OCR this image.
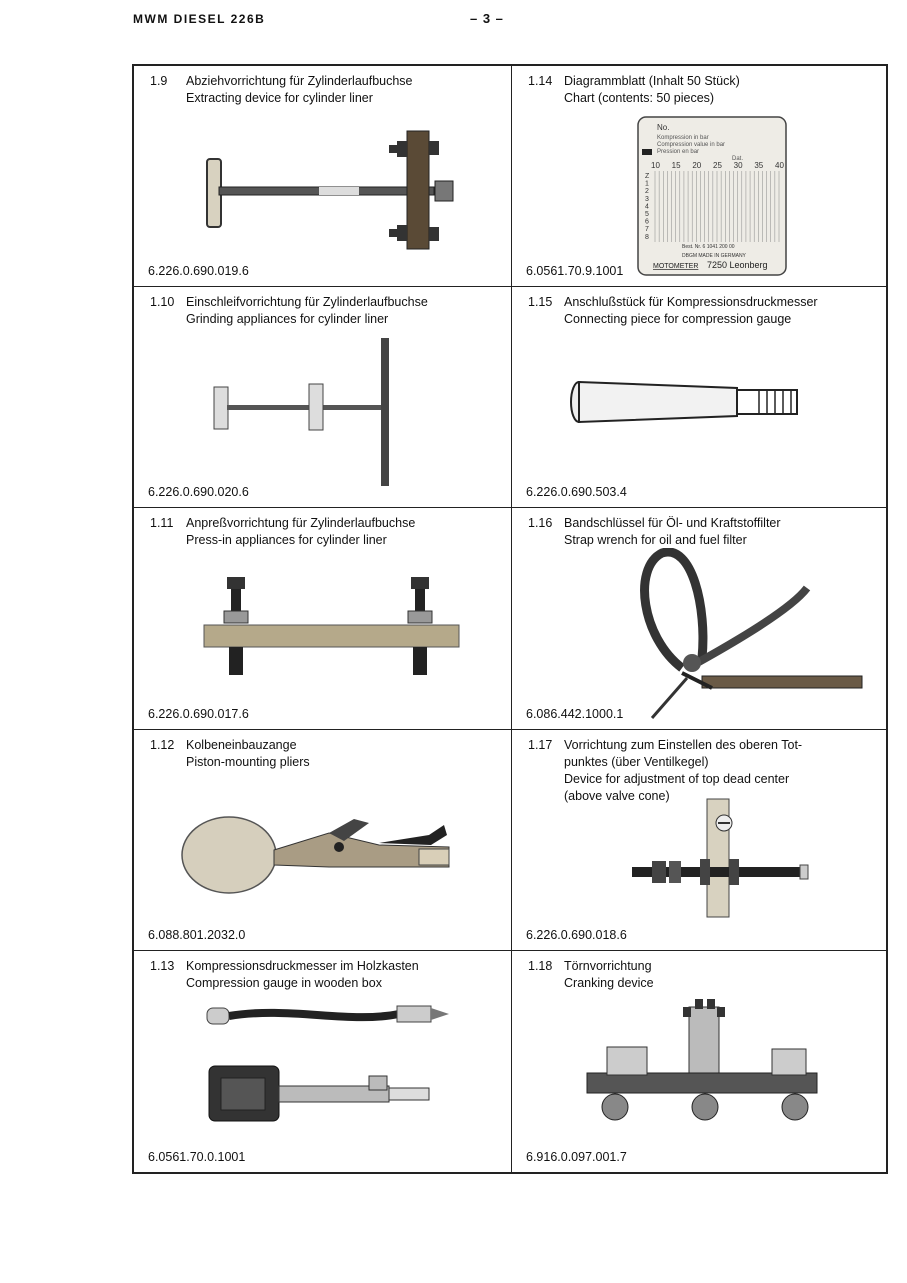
MWM DIESEL 226B	– 3 –
1.9 Abziehvorrichtung für Zylinderlaufbuchse
Extracting device for cylinder liner
6.226.0.690.019.6
1.14 Diagrammblatt (Inhalt 50 Stück)
Chart (contents: 50 pieces)
No.
Kompression in bar
Compression value in bar
Pression en bar
Dat.
10 15 20 25 30 35 40
Z
1
2
3
4
5
6
7
8
Best. Nr. 6 1041 200 00
DBGM MADE IN GERMANY
MOTOMETER 7250 Leonberg
6.0561.70.9.1001
1.10 Einschleifvorrichtung für Zylinderlaufbuchse
Grinding appliances for cylinder liner
6.226.0.690.020.6
1.15 Anschlußstück für Kompressionsdruckmesser
Connecting piece for compression gauge
6.226.0.690.503.4
1.11 Anpreßvorrichtung für Zylinderlaufbuchse
Press-in appliances for cylinder liner
6.226.0.690.017.6
1.16 Bandschlüssel für Öl- und Kraftstoffilter
Strap wrench for oil and fuel filter
6.086.442.1000.1
1.12 Kolbeneinbauzange
Piston-mounting pliers
6.088.801.2032.0
1.17 Vorrichtung zum Einstellen des oberen Tot-
punktes (über Ventilkegel)
Device for adjustment of top dead center
(above valve cone)
6.226.0.690.018.6
1.13 Kompressionsdruckmesser im Holzkasten
Compression gauge in wooden box
6.0561.70.0.1001
1.18 Törnvorrichtung
Cranking device
6.916.0.097.001.7
